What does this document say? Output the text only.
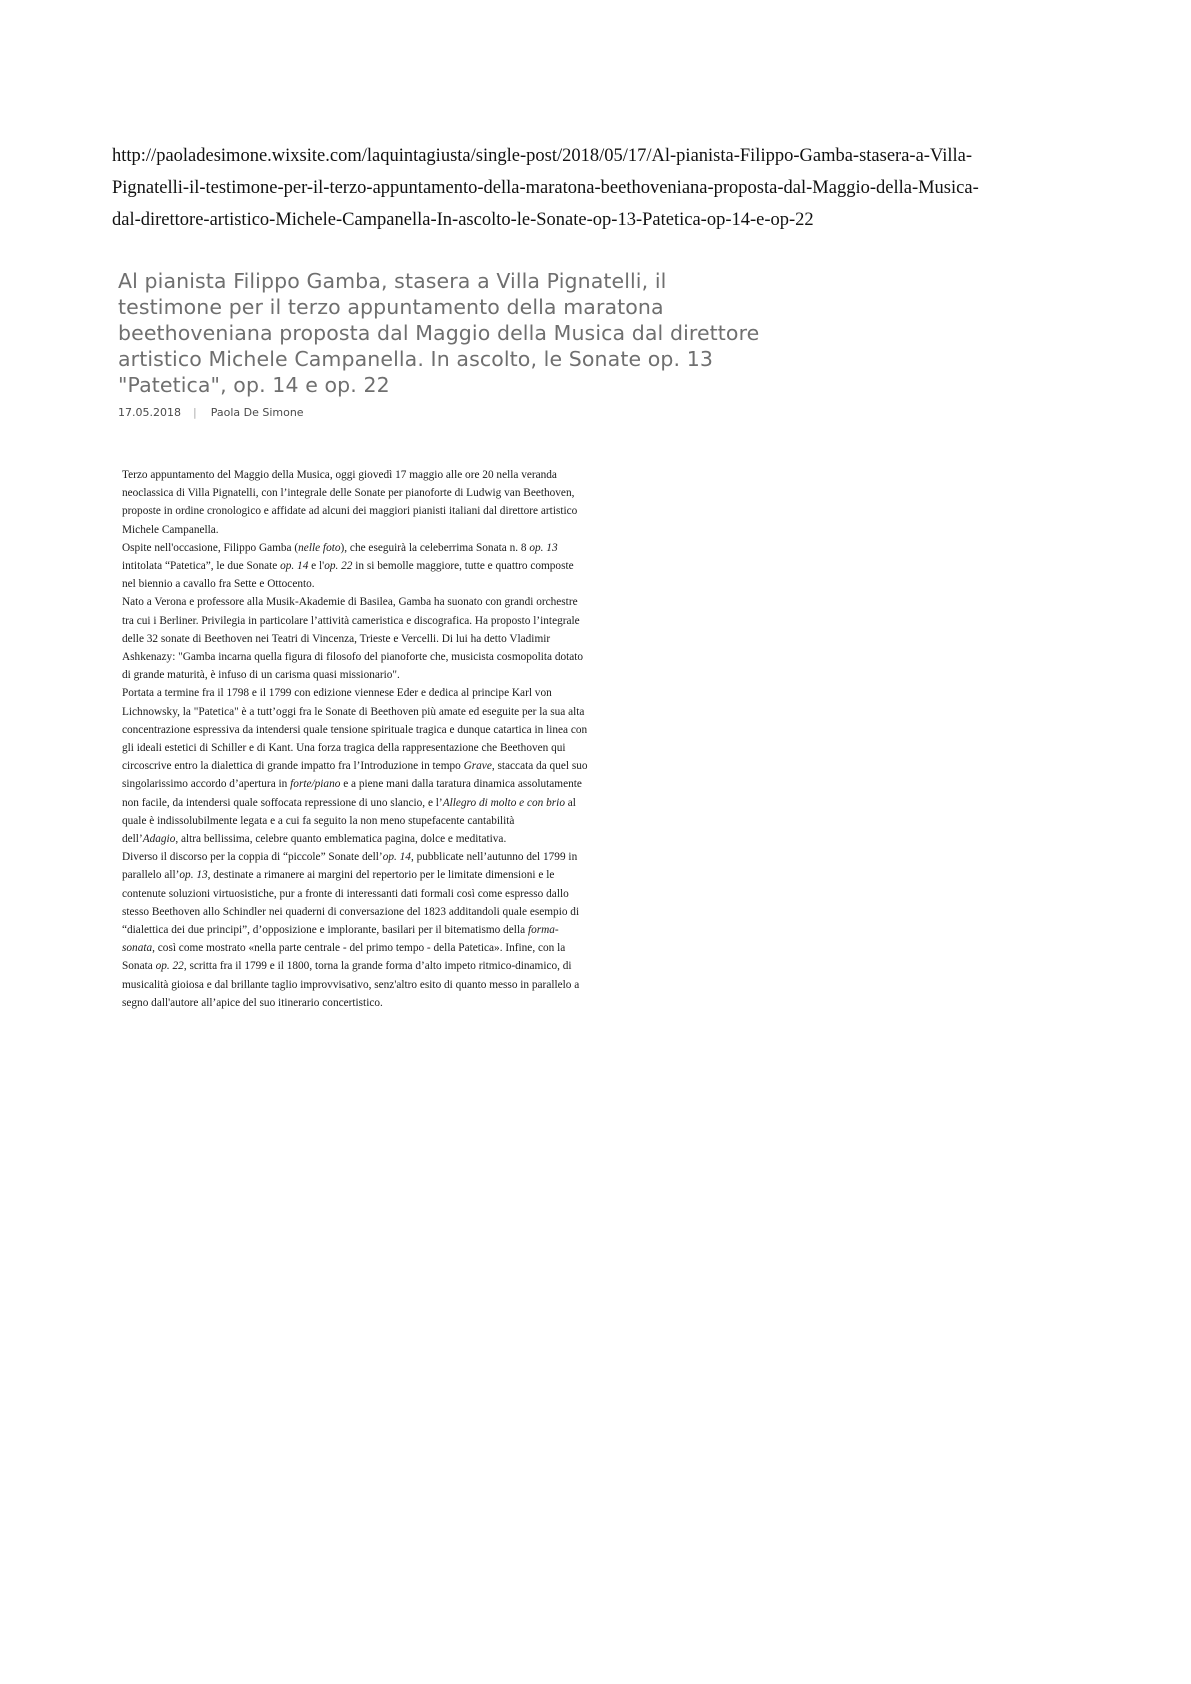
http://paoladesimone.wixsite.com/laquintagiusta/single-post/2018/05/17/Al-pianista-Filippo-Gamba-stasera-a-Villa-
Pignatelli-il-testimone-per-il-terzo-appuntamento-della-maratona-beethoveniana-proposta-dal-Maggio-della-Musica-
dal-direttore-artistico-Michele-Campanella-In-ascolto-le-Sonate-op-13-Patetica-op-14-e-op-22
Al pianista Filippo Gamba, stasera a Villa Pignatelli, il
testimone per il terzo appuntamento della maratona
beethoveniana proposta dal Maggio della Musica dal direttore
artistico Michele Campanella. In ascolto, le Sonate op. 13
"Patetica", op. 14 e op. 22
17.05.2018 | Paola De Simone

Terzo appuntamento del Maggio della Musica, oggi giovedì 17 maggio alle ore 20 nella veranda
neoclassica di Villa Pignatelli, con l’integrale delle Sonate per pianoforte di Ludwig van Beethoven,
proposte in ordine cronologico e affidate ad alcuni dei maggiori pianisti italiani dal direttore artistico
Michele Campanella.

Ospite nell'occasione, Filippo Gamba (nelle foto), che eseguirà la celeberrima Sonata n. 8 op. 13
intitolata “Patetica”, le due Sonate op. 14 e l'op. 22 in si bemolle maggiore, tutte e quattro composte
nel biennio a cavallo fra Sette e Ottocento.

Nato a Verona e professore alla Musik-Akademie di Basilea, Gamba ha suonato con grandi orchestre
tra cui i Berliner. Privilegia in particolare l’attività cameristica e discografica. Ha proposto l’integrale
delle 32 sonate di Beethoven nei Teatri di Vincenza, Trieste e Vercelli. Di lui ha detto Vladimir
Ashkenazy: "Gamba incarna quella figura di filosofo del pianoforte che, musicista cosmopolita dotato
di grande maturità, è infuso di un carisma quasi missionario".

Portata a termine fra il 1798 e il 1799 con edizione viennese Eder e dedica al principe Karl von
Lichnowsky, la "Patetica" è a tutt’oggi fra le Sonate di Beethoven più amate ed eseguite per la sua alta
concentrazione espressiva da intendersi quale tensione spirituale tragica e dunque catartica in linea con
gli ideali estetici di Schiller e di Kant. Una forza tragica della rappresentazione che Beethoven qui
circoscrive entro la dialettica di grande impatto fra l’Introduzione in tempo Grave, staccata da quel suo
singolarissimo accordo d’apertura in forte/piano e a piene mani dalla taratura dinamica assolutamente
non facile, da intendersi quale soffocata repressione di uno slancio, e l’Allegro di molto e con brio al
quale è indissolubilmente legata e a cui fa seguito la non meno stupefacente cantabilità
dell’Adagio, altra bellissima, celebre quanto emblematica pagina, dolce e meditativa.

Diverso il discorso per la coppia di “piccole” Sonate dell’op. 14, pubblicate nell’autunno del 1799 in
parallelo all’op. 13, destinate a rimanere ai margini del repertorio per le limitate dimensioni e le
contenute soluzioni virtuosistiche, pur a fronte di interessanti dati formali così come espresso dallo
stesso Beethoven allo Schindler nei quaderni di conversazione del 1823 additandoli quale esempio di
“dialettica dei due principi”, d’opposizione e implorante, basilari per il bitematismo della forma-
sonata, così come mostrato «nella parte centrale - del primo tempo - della Patetica». Infine, con la
Sonata op. 22, scritta fra il 1799 e il 1800, torna la grande forma d’alto impeto ritmico-dinamico, di
musicalità gioiosa e dal brillante taglio improvvisativo, senz'altro esito di quanto messo in parallelo a
segno dall'autore all’apice del suo itinerario concertistico.
